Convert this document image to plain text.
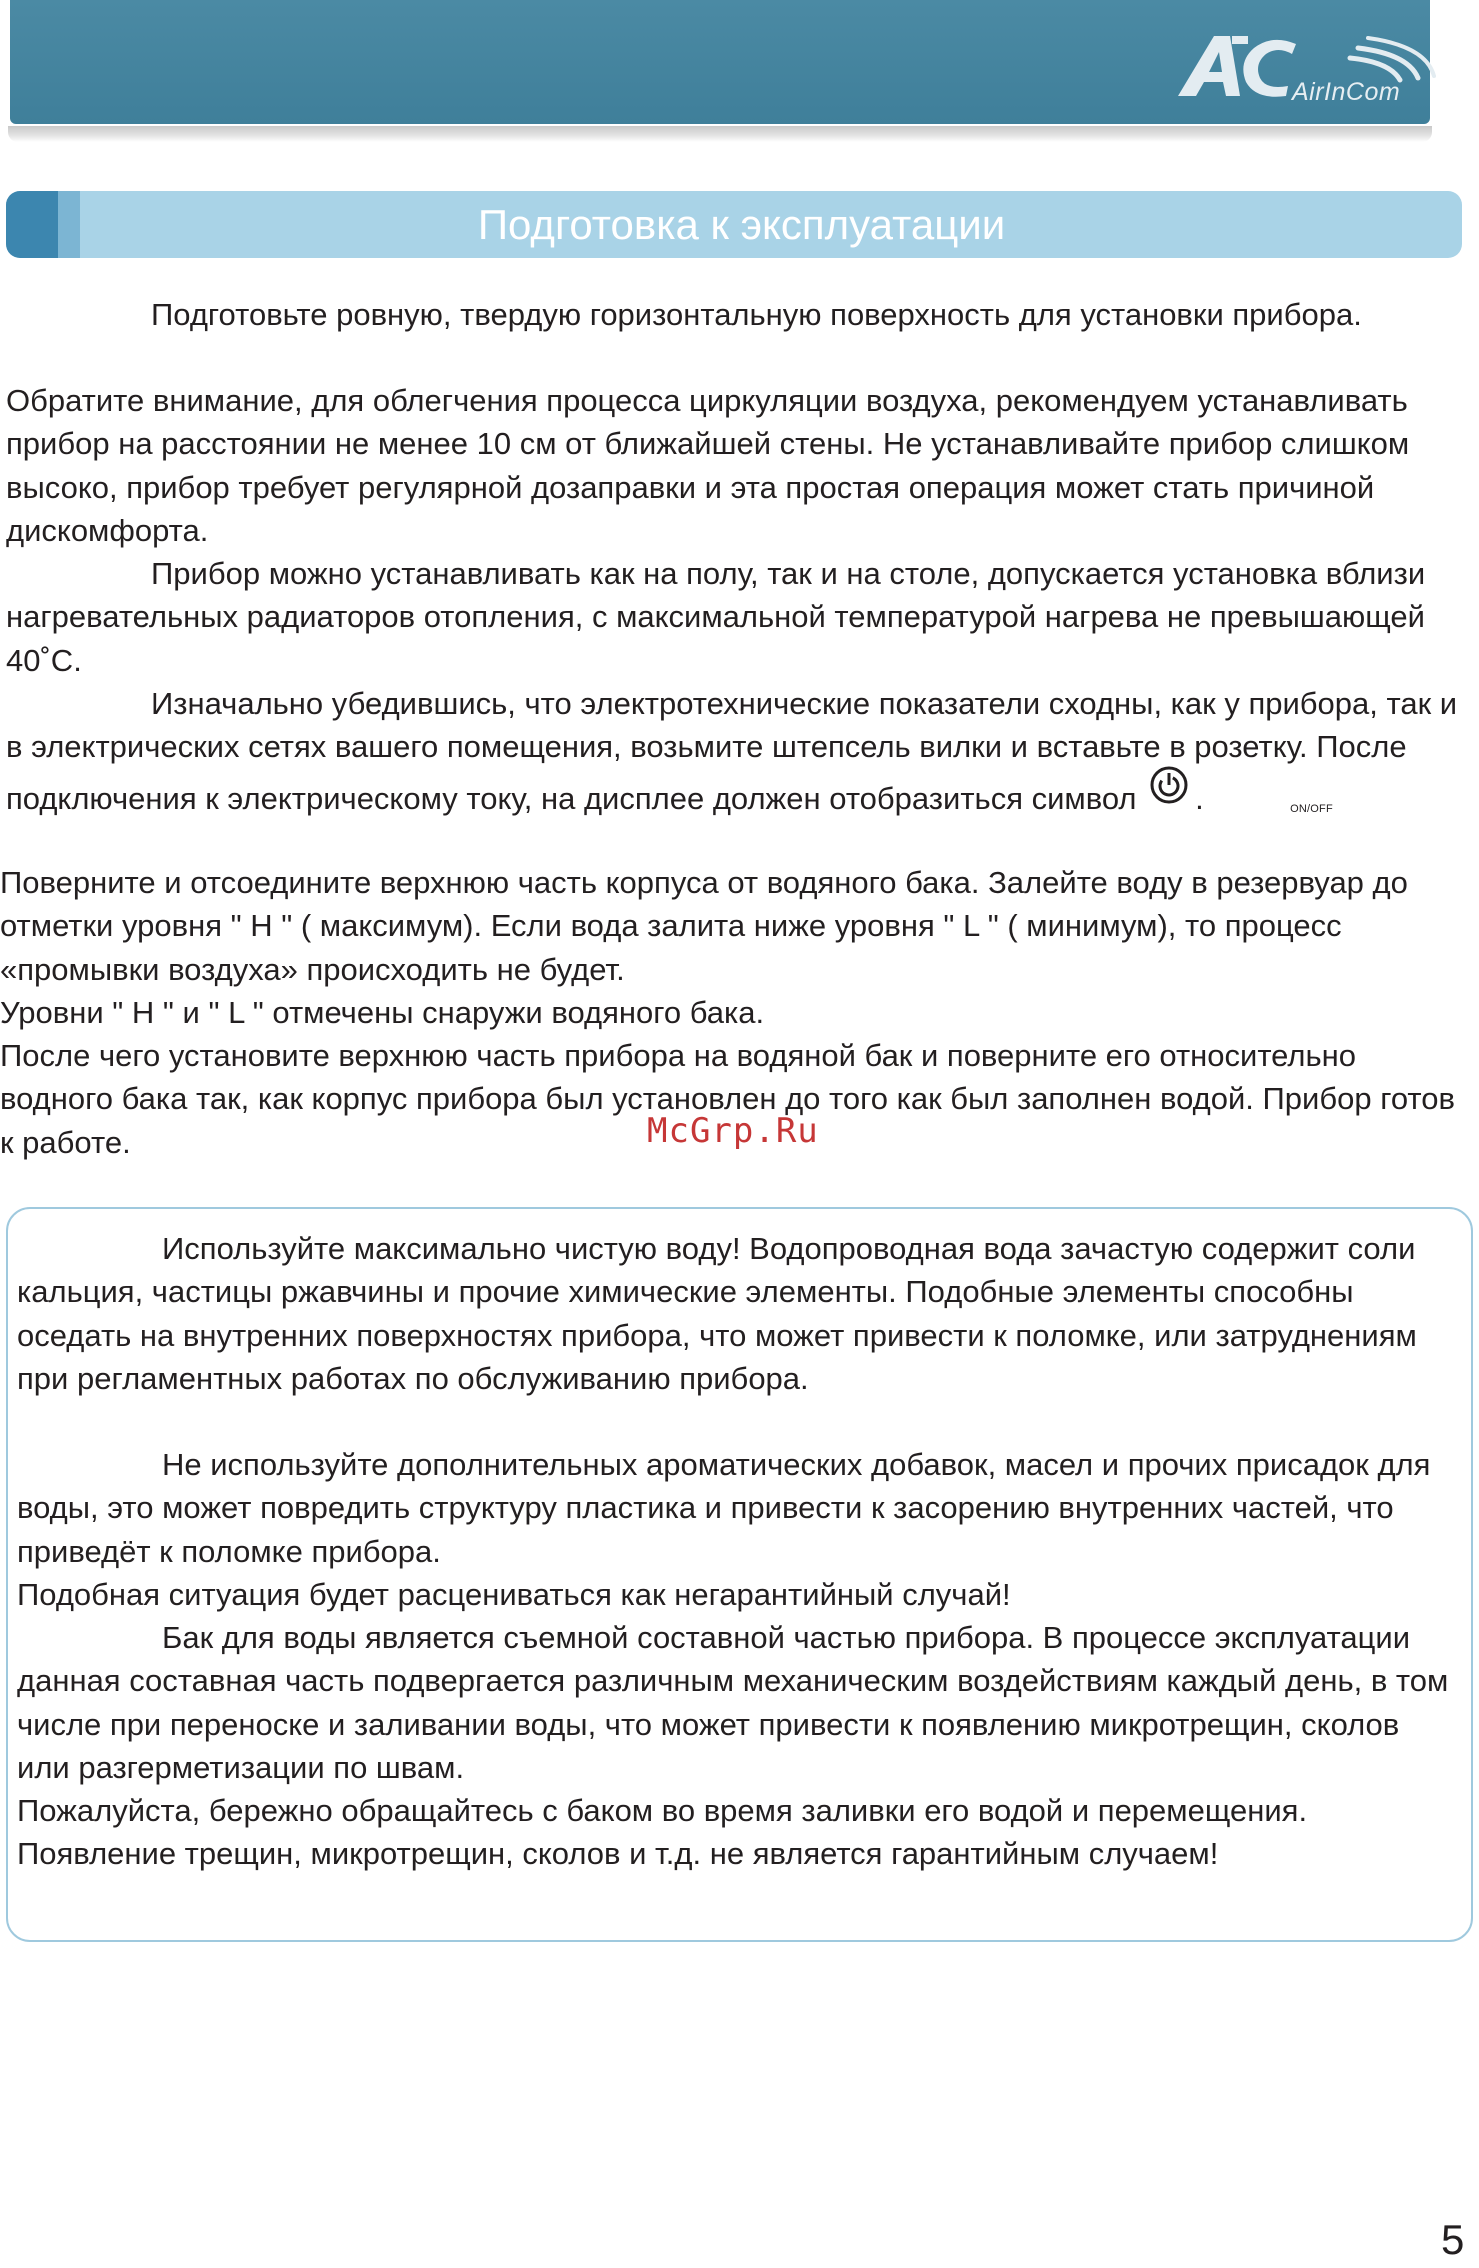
AirInCom
Подготовка к эксплуатации

Подготовьте ровную, твердую горизонтальную поверхность для установки прибора.

Обратите внимание, для облегчения процесса циркуляции воздуха, рекомендуем устанавливать прибор на расстоянии не менее 10 см от ближайшей стены. Не устанавливайте прибор слишком высоко, прибор требует регулярной дозаправки и эта простая операция может стать причиной дискомфорта.

Прибор можно устанавливать как на полу, так и на столе, допускается установка вблизи нагревательных радиаторов отопления, с максимальной температурой нагрева не превышающей 40˚С.

Изначально убедившись, что электротехнические показатели сходны, как у прибора, так и в электрических сетях вашего помещения, возьмите штепсель вилки и вставьте в розетку. После подключения к электрическому току, на дисплее должен отобразиться символ	ON/OFF
.

Поверните и отсоедините верхнюю часть корпуса от водяного бака. Залейте воду в резервуар до отметки уровня " H " ( максимум). Если вода залита ниже уровня " L " ( минимум), то процесс «промывки воздуха» происходить не будет.

Уровни " H " и " L " отмечены снаружи водяного бака.

После чего установите верхнюю часть прибора на водяной бак и поверните его относительно водного бака так, как корпус прибора был установлен до того как был заполнен водой. Прибор готов к работе.	McGrp.Ru

Используйте максимально чистую воду! Водопроводная вода зачастую содержит соли кальция, частицы ржавчины и прочие химические элементы. Подобные элементы способны оседать на внутренних поверхностях прибора, что может привести к поломке, или затруднениям при регламентных работах по обслуживанию прибора.

Не используйте дополнительных ароматических добавок, масел и прочих присадок для воды, это может повредить структуру пластика и привести к засорению внутренних частей, что приведёт к поломке прибора.

Подобная ситуация будет расцениваться как негарантийный случай!

Бак для воды является съемной составной частью прибора. В процессе эксплуатации данная составная часть подвергается различным механическим воздействиям каждый день, в том числе при переноске и заливании воды, что может привести к появлению микротрещин, сколов или разгерметизации по швам.

Пожалуйста, бережно обращайтесь с баком во время заливки его водой и перемещения. Появление трещин, микротрещин, сколов и т.д. не является гарантийным случаем!

5
